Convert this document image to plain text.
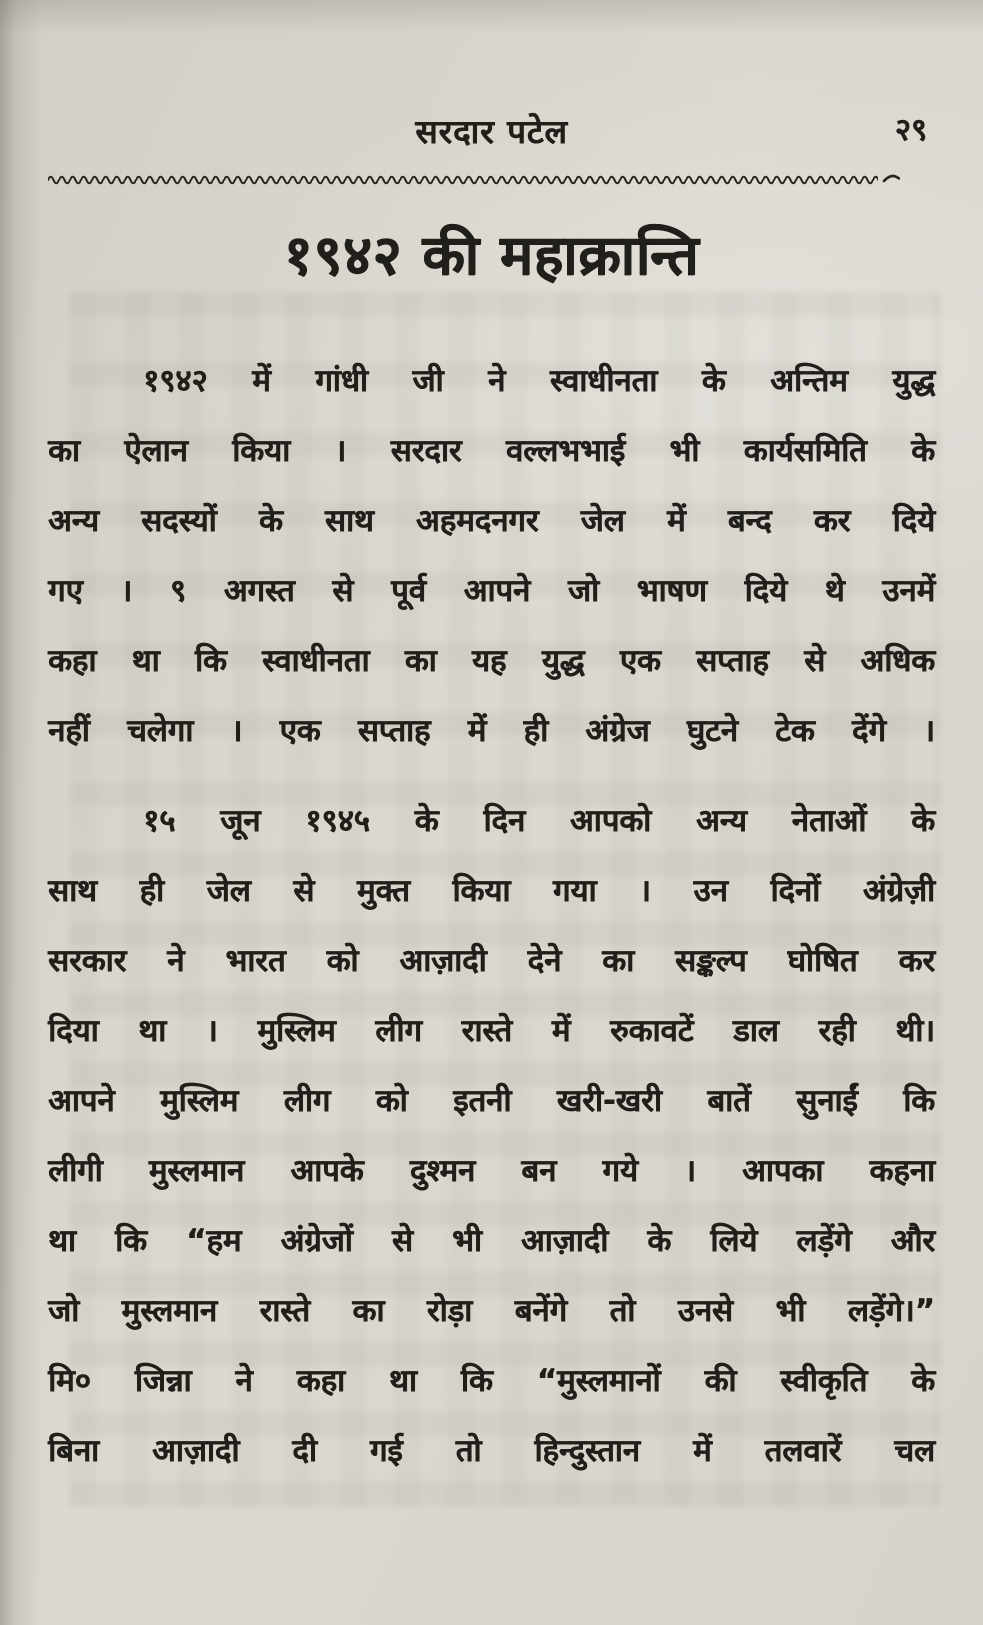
सरदार पटेल	२९
१९४२ की महाक्रान्ति
१९४२ में गांधी जी ने स्वाधीनता के अन्तिम युद्ध
का ऐलान किया । सरदार वल्लभभाई भी कार्यसमिति के
अन्य सदस्यों के साथ अहमदनगर जेल में बन्द कर दिये
गए । ९ अगस्त से पूर्व आपने जो भाषण दिये थे उनमें
कहा था कि स्वाधीनता का यह युद्ध एक सप्ताह से अधिक
नहीं चलेगा । एक सप्ताह में ही अंग्रेज घुटने टेक देंगे ।
१५ जून १९४५ के दिन आपको अन्य नेताओं के
साथ ही जेल से मुक्त किया गया । उन दिनों अंग्रेज़ी
सरकार ने भारत को आज़ादी देने का सङ्कल्प घोषित कर
दिया था । मुस्लिम लीग रास्ते में रुकावटें डाल रही थी।
आपने मुस्लिम लीग को इतनी खरी-खरी बातें सुनाईं कि
लीगी मुस्लमान आपके दुश्मन बन गये । आपका कहना
था कि “हम अंग्रेजों से भी आज़ादी के लिये लड़ेंगे और
जो मुस्लमान रास्ते का रोड़ा बनेंगे तो उनसे भी लड़ेंगे।”
मि० जिन्ना ने कहा था कि “मुस्लमानों की स्वीकृति के
बिना आज़ादी दी गई तो हिन्दुस्तान में तलवारें चल
